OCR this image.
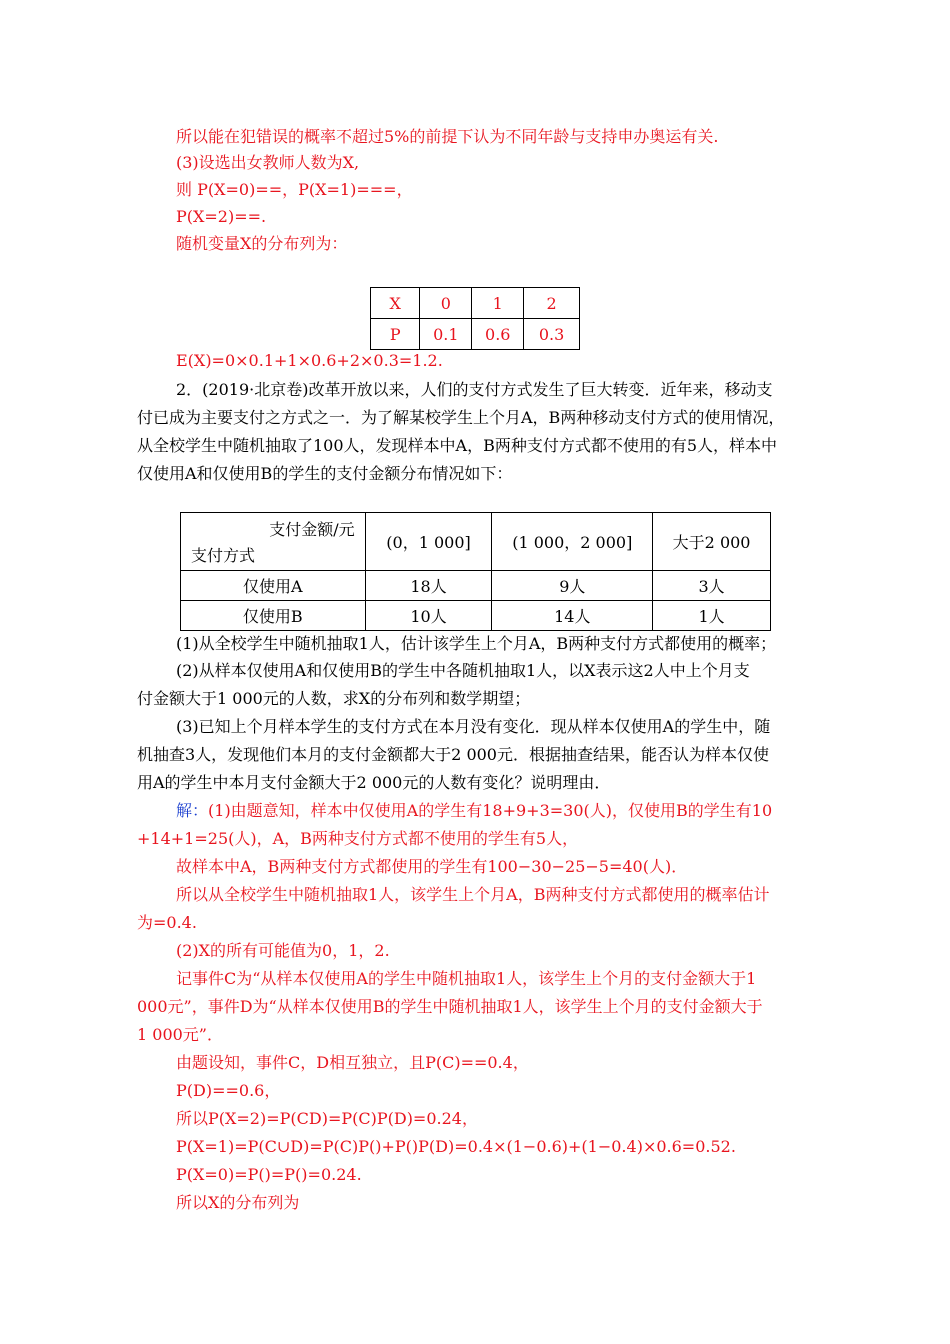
所以能在犯错误的概率不超过5%的前提下认为不同年龄与支持申办奥运有关.
(3)设选出女教师人数为X,
则 P(X=0)==，P(X=1)===，
P(X=2)==.
随机变量X的分布列为：
X	0	1	2
P	0.1	0.6	0.3
E(X)=0×0.1+1×0.6+2×0.3=1.2.
2．(2019·北京卷)改革开放以来，人们的支付方式发生了巨大转变．近年来，移动支
付已成为主要支付之方式之一．为了解某校学生上个月A，B两种移动支付方式的使用情况，
从全校学生中随机抽取了100人，发现样本中A，B两种支付方式都不使用的有5人，样本中
仅使用A和仅使用B的学生的支付金额分布情况如下：
支付金额/元
支付方式	(0，1 000]	(1 000，2 000]	大于2 000
仅使用A	18人	9人	3人
仅使用B	10人	14人	1人
(1)从全校学生中随机抽取1人，估计该学生上个月A，B两种支付方式都使用的概率；
(2)从样本仅使用A和仅使用B的学生中各随机抽取1人，以X表示这2人中上个月支
付金额大于1 000元的人数，求X的分布列和数学期望；
(3)已知上个月样本学生的支付方式在本月没有变化．现从样本仅使用A的学生中，随
机抽查3人，发现他们本月的支付金额都大于2 000元．根据抽查结果，能否认为样本仅使
用A的学生中本月支付金额大于2 000元的人数有变化？说明理由．
解：(1)由题意知，样本中仅使用A的学生有18+9+3=30(人)，仅使用B的学生有10
+14+1=25(人)，A，B两种支付方式都不使用的学生有5人，
故样本中A，B两种支付方式都使用的学生有100−30−25−5=40(人)．
所以从全校学生中随机抽取1人，该学生上个月A，B两种支付方式都使用的概率估计
为=0.4.
(2)X的所有可能值为0，1，2.
记事件C为“从样本仅使用A的学生中随机抽取1人，该学生上个月的支付金额大于1
000元”，事件D为“从样本仅使用B的学生中随机抽取1人，该学生上个月的支付金额大于
1 000元”．
由题设知，事件C，D相互独立，且P(C)==0.4，
P(D)==0.6，
所以P(X=2)=P(CD)=P(C)P(D)=0.24，
P(X=1)=P(C∪D)=P(C)P()+P()P(D)=0.4×(1−0.6)+(1−0.4)×0.6=0.52.
P(X=0)=P()=P()=0.24.
所以X的分布列为
